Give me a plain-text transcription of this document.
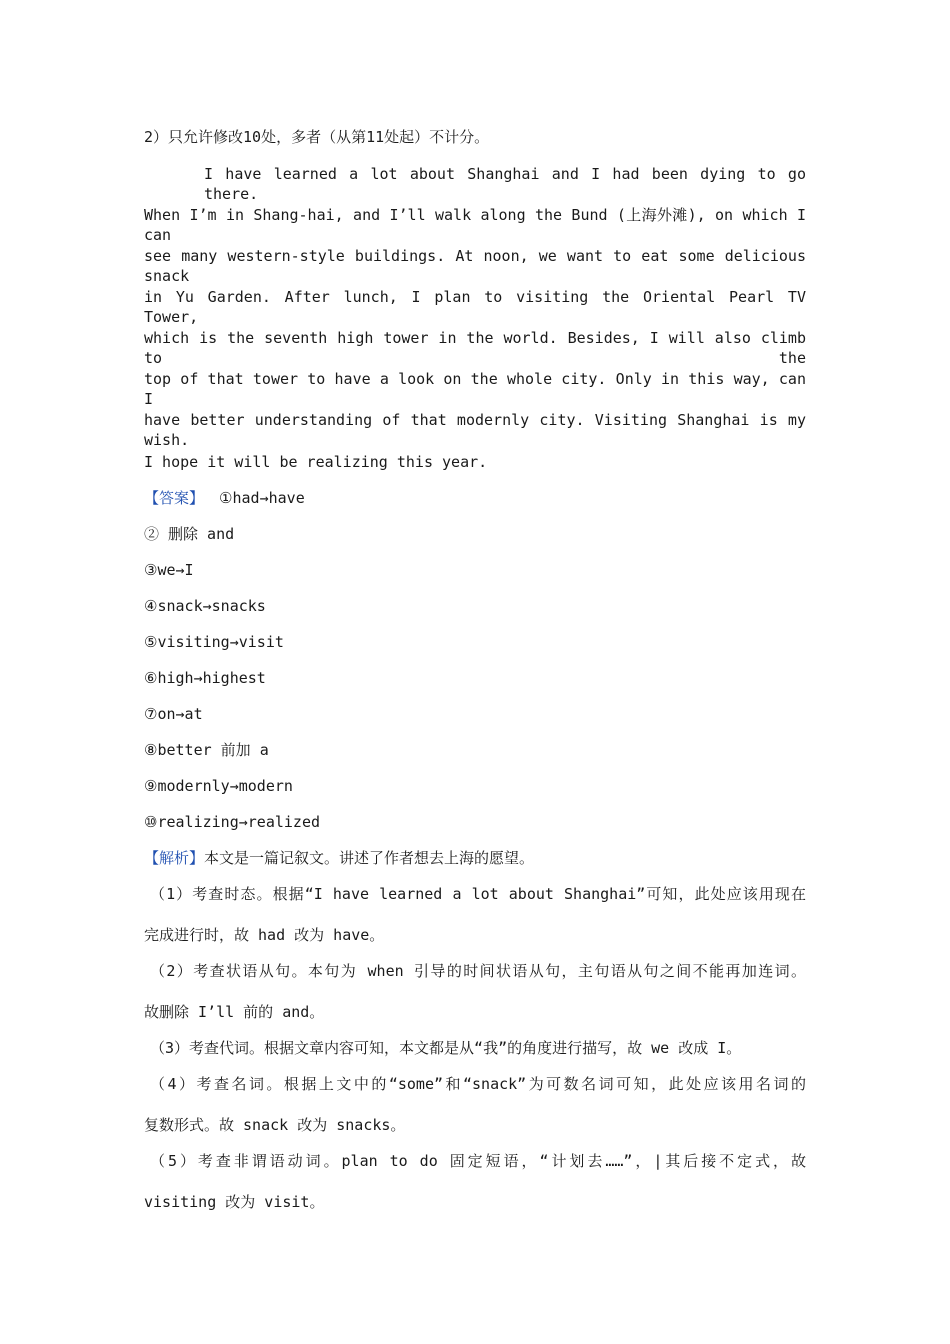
2）只允许修改10处，多者（从第11处起）不计分。
I have learned a lot about Shanghai and I had been dying to go there.
When I’m in Shang-hai, and I’ll walk along the Bund (上海外滩), on which I can
see many western-style buildings. At noon, we want to eat some delicious snack
in Yu Garden. After lunch, I plan to visiting the Oriental Pearl TV Tower,
which is the seventh high tower in the world. Besides, I will also climb to the
top of that tower to have a look on the whole city. Only in this way, can I
have better understanding of that modernly city. Visiting Shanghai is my wish.
I hope it will be realizing this year.
【答案】 ①had→have
② 删除 and
③we→I
④snack→snacks
⑤visiting→visit
⑥high→highest
⑦on→at
⑧better 前加 a
⑨modernly→modern
⑩realizing→realized
【解析】本文是一篇记叙文。讲述了作者想去上海的愿望。
（1）考查时态。根据“I have learned a lot about Shanghai”可知，此处应该用现在
完成进行时，故 had 改为 have。
（2）考查状语从句。本句为 when 引导的时间状语从句，主句语从句之间不能再加连词。
故删除 I’ll 前的 and。
（3）考查代词。根据文章内容可知，本文都是从“我”的角度进行描写，故 we 改成 I。
（4）考查名词。根据上文中的“some”和“snack”为可数名词可知，此处应该用名词的
复数形式。故 snack 改为 snacks。
（5）考查非谓语动词。plan to do 固定短语，“计划去……”，|其后接不定式，故
visiting 改为 visit。
